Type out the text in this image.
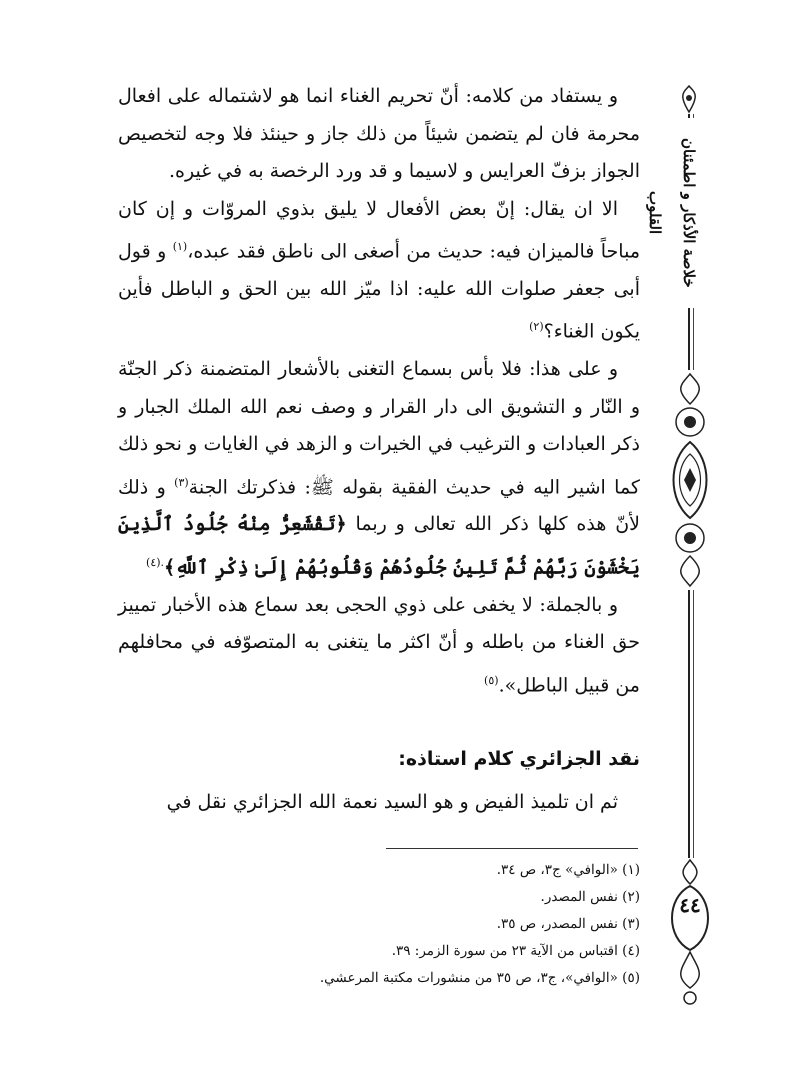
خلاصة الأذكار و اطمئنان القلوب
٤٤

و يستفاد من كلامه: أنّ تحريم الغناء انما هو لاشتماله على افعال محرمة فان لم يتضمن شيئاً من ذلك جاز و حينئذ فلا وجه لتخصيص الجواز بزفّ العرايس و لاسيما و قد ورد الرخصة به في غيره.

الا ان يقال: إنّ بعض الأفعال لا يليق بذوي المروّات و إن كان مباحاً فالميزان فيه: حديث من أصغى الى ناطق فقد عبده،$^{(١)}$ و قول أبى جعفر صلوات الله عليه: اذا ميّز الله بين الحق و الباطل فأين يكون الغناء؟$^{(٢)}$

و على هذا: فلا بأس بسماع التغنى بالأشعار المتضمنة ذكر الجنّة و النّار و التشويق الى دار القرار و وصف نعم الله الملك الجبار و ذكر العبادات و الترغيب في الخيرات و الزهد في الغايات و نحو ذلك كما اشير اليه في حديث الفقية بقوله ﷺ: فذكرتك الجنة$^{(٣)}$ و ذلك لأنّ هذه كلها ذكر الله تعالى و ربما ﴿تَقْشَعِرُّ مِنْهُ جُلُودُ ٱلَّذِينَ يَخْشَوْنَ رَبَّهُمْ ثُمَّ تَلِينُ جُلُودُهُمْ وَقُلُوبُهُمْ إِلَىٰ ذِكْرِ ٱللَّهِ﴾$^{.(٤)}$

و بالجملة: لا يخفى على ذوي الحجى بعد سماع هذه الأخبار تمييز حق الغناء من باطله و أنّ اكثر ما يتغنى به المتصوّفه في محافلهم من قبيل الباطل».$^{(٥)}$

نقد الجزائري كلام استاذه:
ثم ان تلميذ الفيض و هو السيد نعمة الله الجزائري نقل في

(١) «الوافي» ج٣، ص ٣٤.

(٢) نفس المصدر.

(٣) نفس المصدر، ص ٣٥.

(٤) اقتباس من الآية ٢٣ من سورة الزمر: ٣٩.

(٥) «الوافي»، ج٣، ص ٣٥ من منشورات مكتبة المرعشي.
